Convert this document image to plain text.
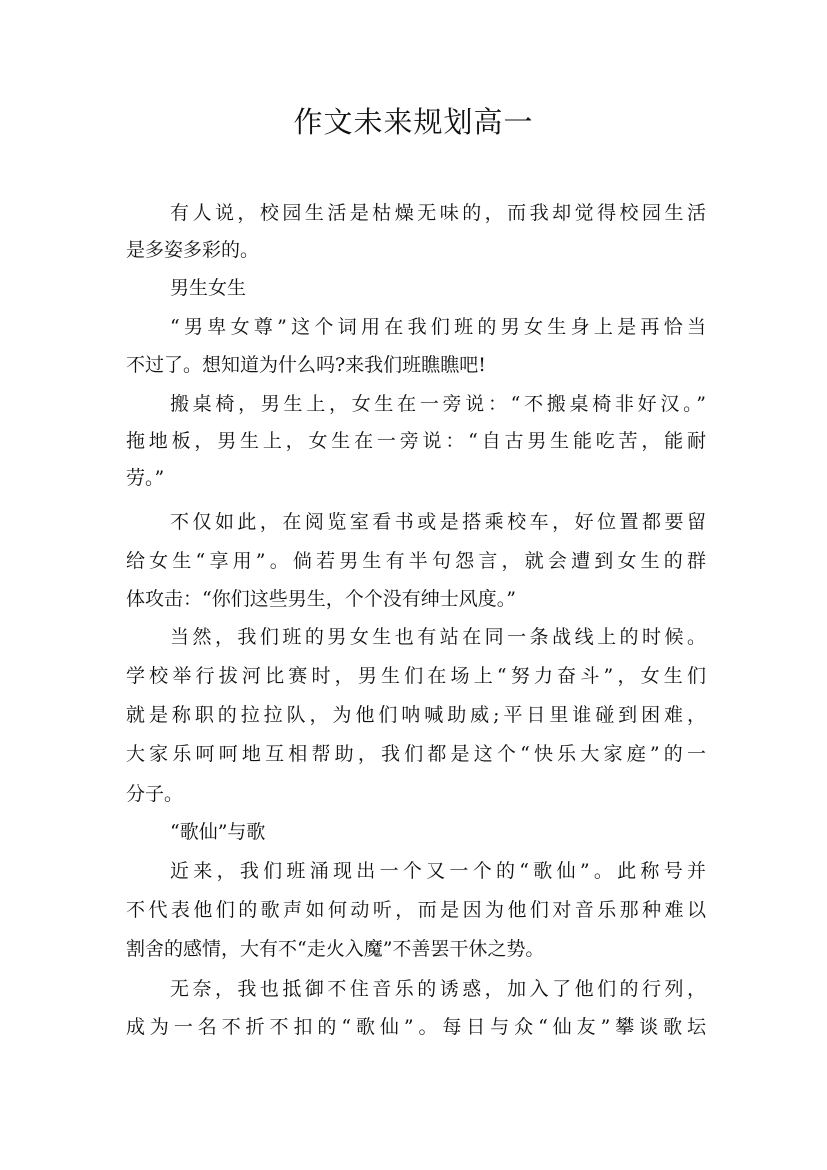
作文未来规划高一
有人说，校园生活是枯燥无味的，而我却觉得校园生活
是多姿多彩的。
男生女生
“男卑女尊”这个词用在我们班的男女生身上是再恰当
不过了。想知道为什么吗?来我们班瞧瞧吧!
搬桌椅，男生上，女生在一旁说：“不搬桌椅非好汉。”
拖地板，男生上，女生在一旁说：“自古男生能吃苦，能耐
劳。”
不仅如此，在阅览室看书或是搭乘校车，好位置都要留
给女生“享用”。倘若男生有半句怨言，就会遭到女生的群
体攻击：“你们这些男生，个个没有绅士风度。”
当然，我们班的男女生也有站在同一条战线上的时候。
学校举行拔河比赛时，男生们在场上“努力奋斗”，女生们
就是称职的拉拉队，为他们呐喊助威;平日里谁碰到困难，
大家乐呵呵地互相帮助，我们都是这个“快乐大家庭”的一
分子。
“歌仙”与歌
近来，我们班涌现出一个又一个的“歌仙”。此称号并
不代表他们的歌声如何动听，而是因为他们对音乐那种难以
割舍的感情，大有不“走火入魔”不善罢干休之势。
无奈，我也抵御不住音乐的诱惑，加入了他们的行列，
成为一名不折不扣的“歌仙”。每日与众“仙友”攀谈歌坛
